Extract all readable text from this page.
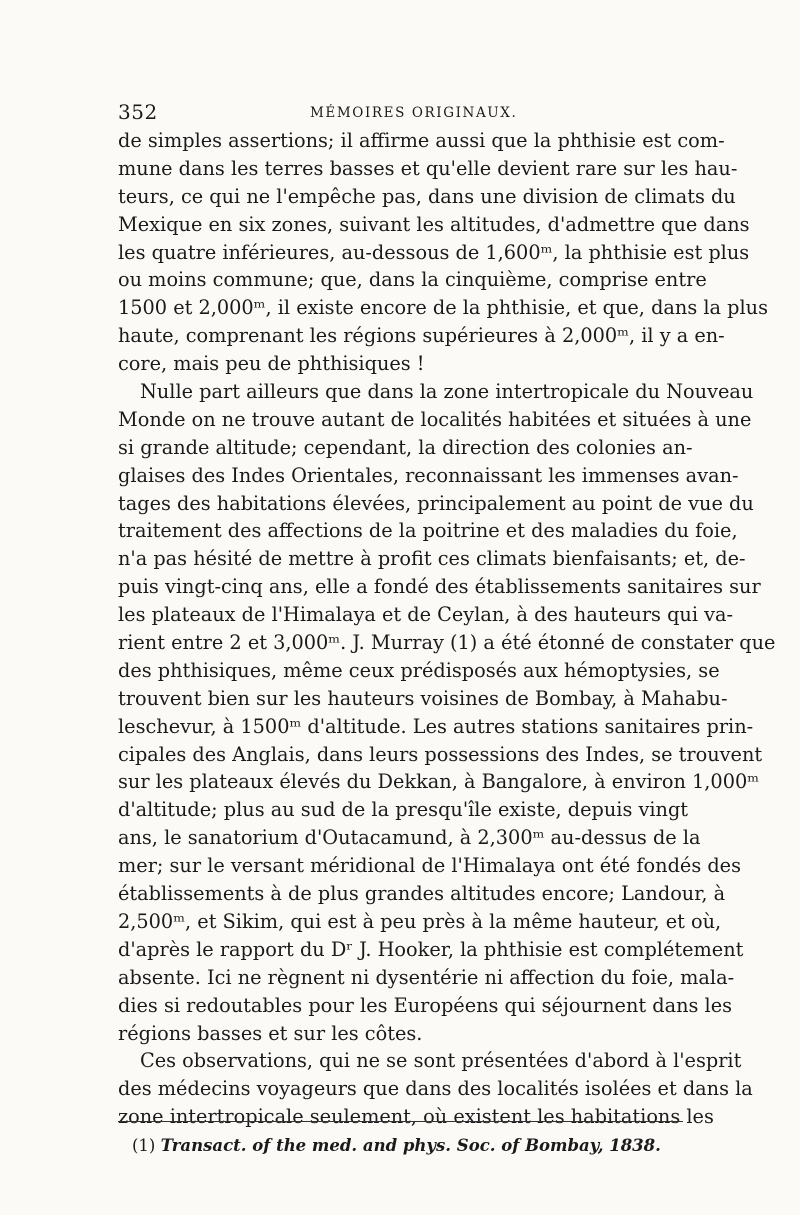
352	MÉMOIRES ORIGINAUX.
de simples assertions; il affirme aussi que la phthisie est com-
mune dans les terres basses et qu'elle devient rare sur les hau-
teurs, ce qui ne l'empêche pas, dans une division de climats du
Mexique en six zones, suivant les altitudes, d'admettre que dans
les quatre inférieures, au-dessous de 1,600ᵐ, la phthisie est plus
ou moins commune; que, dans la cinquième, comprise entre
1500 et 2,000ᵐ, il existe encore de la phthisie, et que, dans la plus
haute, comprenant les régions supérieures à 2,000ᵐ, il y a en-
core, mais peu de phthisiques !
Nulle part ailleurs que dans la zone intertropicale du Nouveau
Monde on ne trouve autant de localités habitées et situées à une
si grande altitude; cependant, la direction des colonies an-
glaises des Indes Orientales, reconnaissant les immenses avan-
tages des habitations élevées, principalement au point de vue du
traitement des affections de la poitrine et des maladies du foie,
n'a pas hésité de mettre à profit ces climats bienfaisants; et, de-
puis vingt-cinq ans, elle a fondé des établissements sanitaires sur
les plateaux de l'Himalaya et de Ceylan, à des hauteurs qui va-
rient entre 2 et 3,000ᵐ. J. Murray (1) a été étonné de constater que
des phthisiques, même ceux prédisposés aux hémoptysies, se
trouvent bien sur les hauteurs voisines de Bombay, à Mahabu-
leschevur, à 1500ᵐ d'altitude. Les autres stations sanitaires prin-
cipales des Anglais, dans leurs possessions des Indes, se trouvent
sur les plateaux élevés du Dekkan, à Bangalore, à environ 1,000ᵐ
d'altitude; plus au sud de la presqu'île existe, depuis vingt
ans, le sanatorium d'Outacamund, à 2,300ᵐ au-dessus de la
mer; sur le versant méridional de l'Himalaya ont été fondés des
établissements à de plus grandes altitudes encore; Landour, à
2,500ᵐ, et Sikim, qui est à peu près à la même hauteur, et où,
d'après le rapport du Dʳ J. Hooker, la phthisie est complétement
absente. Ici ne règnent ni dysentérie ni affection du foie, mala-
dies si redoutables pour les Européens qui séjournent dans les
régions basses et sur les côtes.
Ces observations, qui ne se sont présentées d'abord à l'esprit
des médecins voyageurs que dans des localités isolées et dans la
zone intertropicale seulement, où existent les habitations les
(1) Transact. of the med. and phys. Soc. of Bombay, 1838.
